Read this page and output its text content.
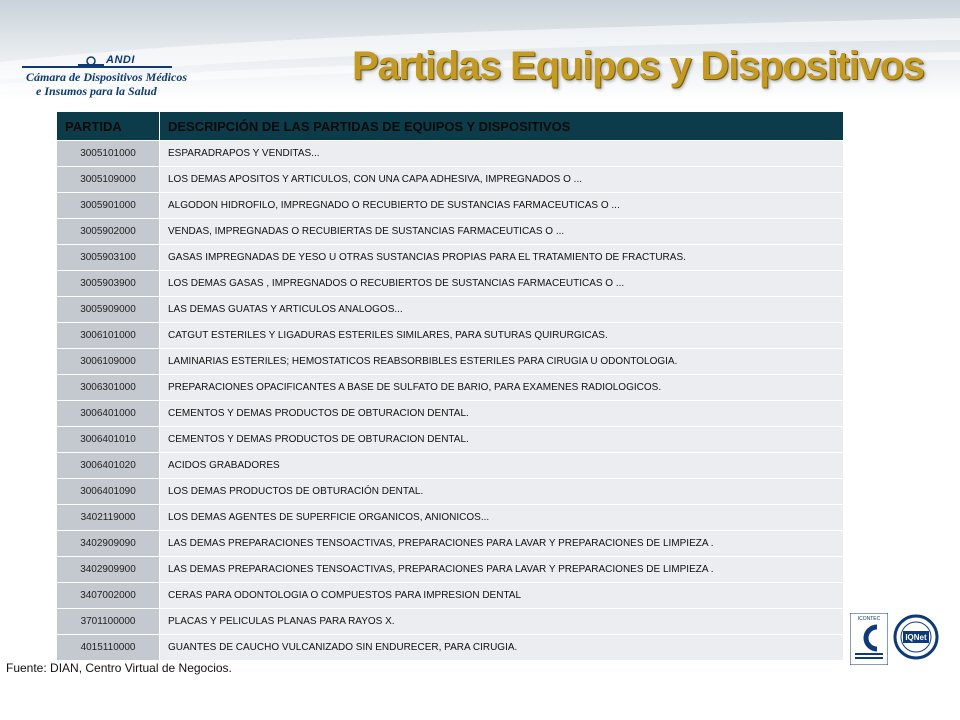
ANDI
Cámara de Dispositivos Médicos
e Insumos para la Salud
Partidas Equipos y Dispositivos
PARTIDA	DESCRIPCIÓN DE LAS PARTIDAS DE EQUIPOS Y DISPOSITIVOS
3005101000	ESPARADRAPOS Y VENDITAS...
3005109000	LOS DEMAS APOSITOS Y ARTICULOS, CON UNA CAPA ADHESIVA, IMPREGNADOS O ...
3005901000	ALGODON HIDROFILO, IMPREGNADO O RECUBIERTO DE SUSTANCIAS FARMACEUTICAS O ...
3005902000	VENDAS, IMPREGNADAS O RECUBIERTAS DE SUSTANCIAS FARMACEUTICAS O ...
3005903100	GASAS IMPREGNADAS DE YESO U OTRAS SUSTANCIAS PROPIAS PARA EL TRATAMIENTO DE FRACTURAS.
3005903900	LOS DEMAS GASAS , IMPREGNADOS O RECUBIERTOS DE SUSTANCIAS FARMACEUTICAS O ...
3005909000	LAS DEMAS GUATAS Y ARTICULOS ANALOGOS...
3006101000	CATGUT ESTERILES Y LIGADURAS ESTERILES SIMILARES, PARA SUTURAS QUIRURGICAS.
3006109000	LAMINARIAS ESTERILES; HEMOSTATICOS REABSORBIBLES ESTERILES PARA CIRUGIA U ODONTOLOGIA.
3006301000	PREPARACIONES OPACIFICANTES A BASE DE SULFATO DE BARIO, PARA EXAMENES RADIOLOGICOS.
3006401000	CEMENTOS Y DEMAS PRODUCTOS DE OBTURACION DENTAL.
3006401010	CEMENTOS Y DEMAS PRODUCTOS DE OBTURACION DENTAL.
3006401020	ACIDOS GRABADORES
3006401090	LOS DEMAS PRODUCTOS DE OBTURACIÓN DENTAL.
3402119000	LOS DEMAS AGENTES DE SUPERFICIE ORGANICOS, ANIONICOS...
3402909090	LAS DEMAS PREPARACIONES TENSOACTIVAS, PREPARACIONES PARA LAVAR Y PREPARACIONES DE LIMPIEZA .
3402909900	LAS DEMAS PREPARACIONES TENSOACTIVAS, PREPARACIONES PARA LAVAR Y PREPARACIONES DE LIMPIEZA .
3407002000	CERAS PARA ODONTOLOGIA O COMPUESTOS PARA IMPRESION DENTAL
3701100000	PLACAS Y PELICULAS PLANAS PARA RAYOS X.
4015110000	GUANTES DE CAUCHO VULCANIZADO SIN ENDURECER, PARA CIRUGIA.
Fuente: DIAN, Centro Virtual de Negocios.
ICONTEC
IQNet
